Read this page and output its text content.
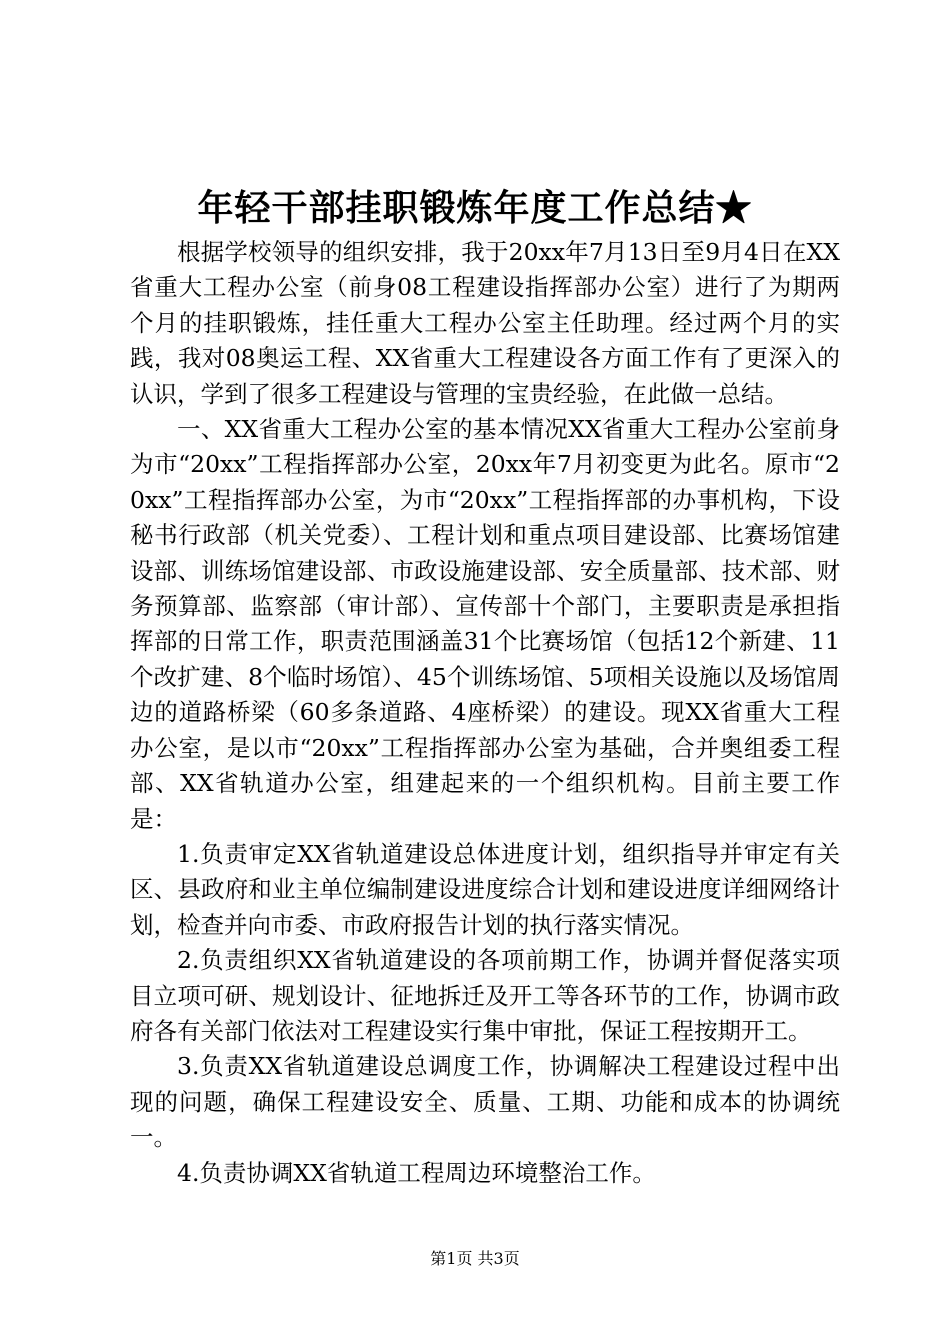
年轻干部挂职锻炼年度工作总结★

根据学校领导的组织安排，我于20xx年7月13日至9月4日在XX省重大工程办公室（前身08工程建设指挥部办公室）进行了为期两个月的挂职锻炼，挂任重大工程办公室主任助理。经过两个月的实践，我对08奥运工程、XX省重大工程建设各方面工作有了更深入的认识，学到了很多工程建设与管理的宝贵经验，在此做一总结。

一、XX省重大工程办公室的基本情况XX省重大工程办公室前身为市“20xx”工程指挥部办公室，20xx年7月初变更为此名。原市“20xx”工程指挥部办公室，为市“20xx”工程指挥部的办事机构，下设秘书行政部（机关党委）、工程计划和重点项目建设部、比赛场馆建设部、训练场馆建设部、市政设施建设部、安全质量部、技术部、财务预算部、监察部（审计部）、宣传部十个部门，主要职责是承担指挥部的日常工作，职责范围涵盖31个比赛场馆（包括12个新建、11个改扩建、8个临时场馆）、45个训练场馆、5项相关设施以及场馆周边的道路桥梁（60多条道路、4座桥梁）的建设。现XX省重大工程办公室，是以市“20xx”工程指挥部办公室为基础，合并奥组委工程部、XX省轨道办公室，组建起来的一个组织机构。目前主要工作是：

1.负责审定XX省轨道建设总体进度计划，组织指导并审定有关区、县政府和业主单位编制建设进度综合计划和建设进度详细网络计划，检查并向市委、市政府报告计划的执行落实情况。

2.负责组织XX省轨道建设的各项前期工作，协调并督促落实项目立项可研、规划设计、征地拆迁及开工等各环节的工作，协调市政府各有关部门依法对工程建设实行集中审批，保证工程按期开工。

3.负责XX省轨道建设总调度工作，协调解决工程建设过程中出现的问题，确保工程建设安全、质量、工期、功能和成本的协调统一。

4.负责协调XX省轨道工程周边环境整治工作。

第1页 共3页
